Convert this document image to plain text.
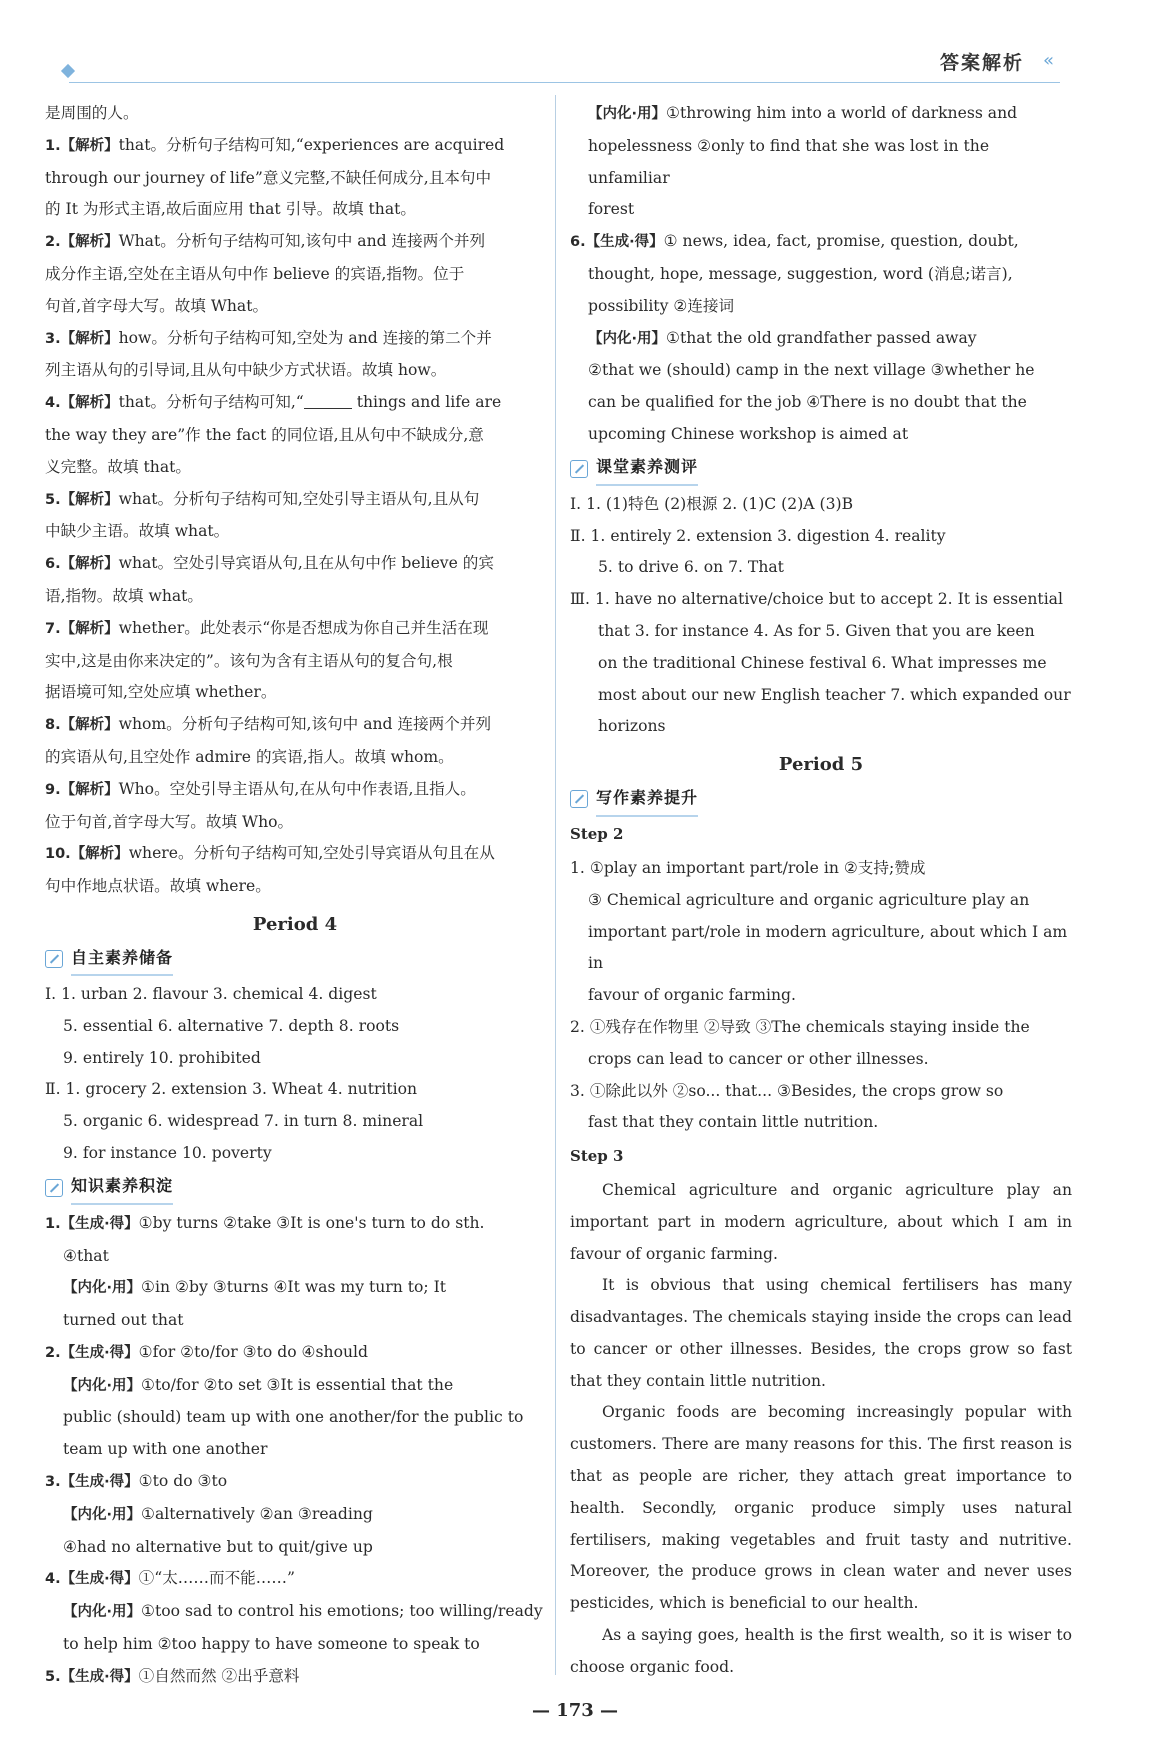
答案解析 «

是周围的人。

1.【解析】that。分析句子结构可知,“experiences are acquired

through our journey of life”意义完整,不缺任何成分,且本句中

的 It 为形式主语,故后面应用 that 引导。故填 that。

2.【解析】What。分析句子结构可知,该句中 and 连接两个并列

成分作主语,空处在主语从句中作 believe 的宾语,指物。位于

句首,首字母大写。故填 What。

3.【解析】how。分析句子结构可知,空处为 and 连接的第二个并

列主语从句的引导词,且从句中缺少方式状语。故填 how。

4.【解析】that。分析句子结构可知,“	things and life are

the way they are”作 the fact 的同位语,且从句中不缺成分,意

义完整。故填 that。

5.【解析】what。分析句子结构可知,空处引导主语从句,且从句

中缺少主语。故填 what。

6.【解析】what。空处引导宾语从句,且在从句中作 believe 的宾

语,指物。故填 what。

7.【解析】whether。此处表示“你是否想成为你自己并生活在现

实中,这是由你来决定的”。该句为含有主语从句的复合句,根

据语境可知,空处应填 whether。

8.【解析】whom。分析句子结构可知,该句中 and 连接两个并列

的宾语从句,且空处作 admire 的宾语,指人。故填 whom。

9.【解析】Who。空处引导主语从句,在从句中作表语,且指人。

位于句首,首字母大写。故填 Who。

10.【解析】where。分析句子结构可知,空处引导宾语从句且在从

句中作地点状语。故填 where。

Period 4
自主素养储备

Ⅰ. 1. urban 2. flavour 3. chemical 4. digest

5. essential 6. alternative 7. depth 8. roots

9. entirely 10. prohibited

Ⅱ. 1. grocery 2. extension 3. Wheat 4. nutrition

5. organic 6. widespread 7. in turn 8. mineral

9. for instance 10. poverty

知识素养积淀

1.【生成·得】①by turns ②take ③It is one's turn to do sth.

④that

【内化·用】①in ②by ③turns ④It was my turn to; It

turned out that

2.【生成·得】①for ②to/for ③to do ④should

【内化·用】①to/for ②to set ③It is essential that the

public (should) team up with one another/for the public to

team up with one another

3.【生成·得】①to do ③to

【内化·用】①alternatively ②an ③reading

④had no alternative but to quit/give up

4.【生成·得】①“太……而不能……”

【内化·用】①too sad to control his emotions; too willing/ready

to help him ②too happy to have someone to speak to

5.【生成·得】①自然而然 ②出乎意料

【内化·用】①throwing him into a world of darkness and

hopelessness ②only to find that she was lost in the unfamiliar

forest

6.【生成·得】① news, idea, fact, promise, question, doubt,

thought, hope, message, suggestion, word (消息;诺言),

possibility ②连接词

【内化·用】①that the old grandfather passed away

②that we (should) camp in the next village ③whether he

can be qualified for the job ④There is no doubt that the

upcoming Chinese workshop is aimed at

课堂素养测评

Ⅰ. 1. (1)特色 (2)根源 2. (1)C (2)A (3)B

Ⅱ. 1. entirely 2. extension 3. digestion 4. reality

5. to drive 6. on 7. That

Ⅲ. 1. have no alternative/choice but to accept 2. It is essential

that 3. for instance 4. As for 5. Given that you are keen

on the traditional Chinese festival 6. What impresses me

most about our new English teacher 7. which expanded our

horizons

Period 5
写作素养提升

Step 2

1. ①play an important part/role in ②支持;赞成

③ Chemical agriculture and organic agriculture play an

important part/role in modern agriculture, about which I am in

favour of organic farming.

2. ①残存在作物里 ②导致 ③The chemicals staying inside the

crops can lead to cancer or other illnesses.

3. ①除此以外 ②so... that... ③Besides, the crops grow so

fast that they contain little nutrition.

Step 3

Chemical agriculture and organic agriculture play an important part in modern agriculture, about which I am in favour of organic farming.

It is obvious that using chemical fertilisers has many disadvantages. The chemicals staying inside the crops can lead to cancer or other illnesses. Besides, the crops grow so fast that they contain little nutrition.

Organic foods are becoming increasingly popular with customers. There are many reasons for this. The first reason is that as people are richer, they attach great importance to health. Secondly, organic produce simply uses natural fertilisers, making vegetables and fruit tasty and nutritive. Moreover, the produce grows in clean water and never uses pesticides, which is beneficial to our health.

As a saying goes, health is the first wealth, so it is wiser to choose organic food.

— 173 —
